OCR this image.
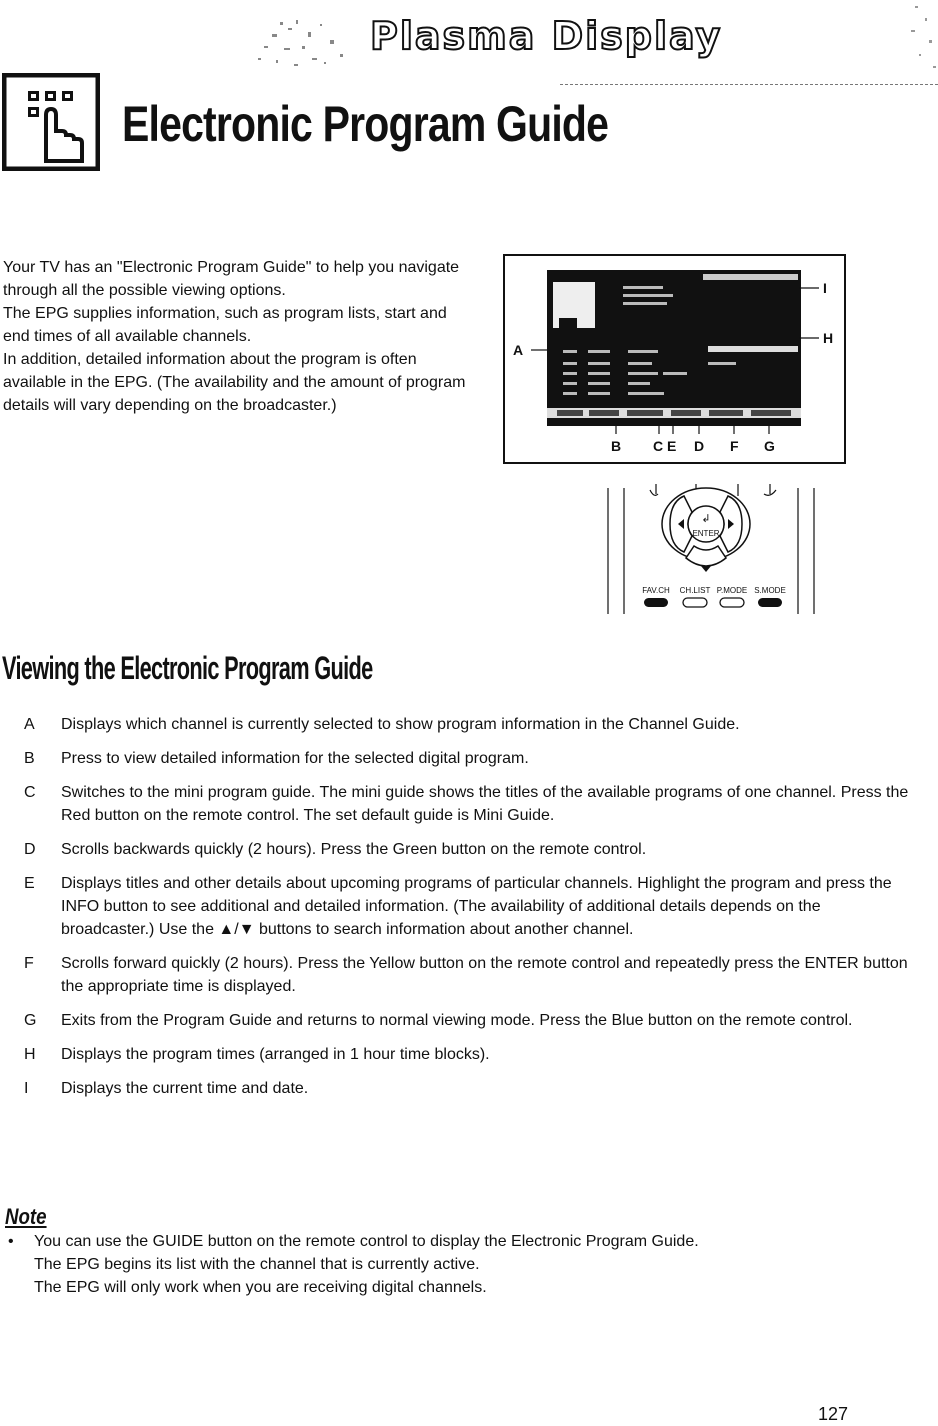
Plasma Display
Electronic Program Guide

Your TV has an "Electronic Program Guide" to help you navigate through all the possible viewing options.

The EPG supplies information, such as program lists, start and end times of all available channels.

In addition, detailed information about the program is often available in the EPG. (The availability and the amount of program details will vary depending on the broadcaster.)

A
B C E D F G
H
I
↲
ENTER
FAV.CH CH.LIST P.MODE S.MODE
Viewing the Electronic Program Guide
A	Displays which channel is currently selected to show program information in the Channel Guide.
B	Press to view detailed information for the selected digital program.
C	Switches to the mini program guide. The mini guide shows the titles of the available programs of one channel. Press the Red button on the remote control. The set default guide is Mini Guide.
D	Scrolls backwards quickly (2 hours). Press the Green button on the remote control.
E	Displays titles and other details about upcoming programs of particular channels. Highlight the program and press the INFO button to see additional and detailed information. (The availability of additional details depends on the broadcaster.) Use the ▲/▼ buttons to search information about another channel.
F	Scrolls forward quickly (2 hours). Press the Yellow button on the remote control and repeatedly press the ENTER button the appropriate time is displayed.
G	Exits from the Program Guide and returns to normal viewing mode. Press the Blue button on the remote control.
H	Displays the program times (arranged in 1 hour time blocks).
I	Displays the current time and date.
Note
• You can use the GUIDE button on the remote control to display the Electronic Program Guide.
The EPG begins its list with the channel that is currently active.
The EPG will only work when you are receiving digital channels.
127
